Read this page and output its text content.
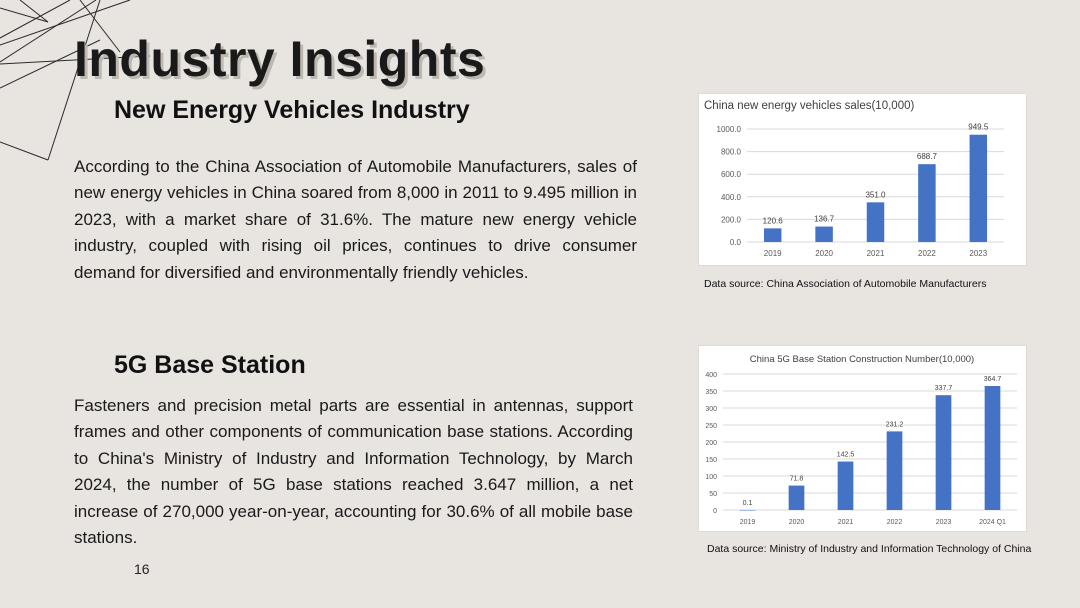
Industry Insights
New Energy Vehicles Industry

According to the China Association of Automobile Manufacturers, sales of new energy vehicles in China soared from 8,000 in 2011 to 9.495 million in 2023, with a market share of 31.6%. The mature new energy vehicle industry, coupled with rising oil prices, continues to drive consumer demand for diversified and environmentally friendly vehicles.

5G Base Station

Fasteners and precision metal parts are essential in antennas, support frames and other components of communication base stations. According to China's Ministry of Industry and Information Technology, by March 2024, the number of 5G base stations reached 3.647 million, a net increase of 270,000 year-on-year, accounting for 30.6% of all mobile base stations.

16
China new energy vehicles sales(10,000)
0.0
200.0
400.0
600.0
800.0
1000.0
120.6
2019
136.7
2020
351.0
2021
688.7
2022
949.5
2023
Data source: China Association of Automobile Manufacturers
China 5G Base Station Construction Number(10,000)
0
50
100
150
200
250
300
350
400
0.1
2019
71.8
2020
142.5
2021
231.2
2022
337.7
2023
364.7
2024 Q1
Data source: Ministry of Industry and Information Technology of China
